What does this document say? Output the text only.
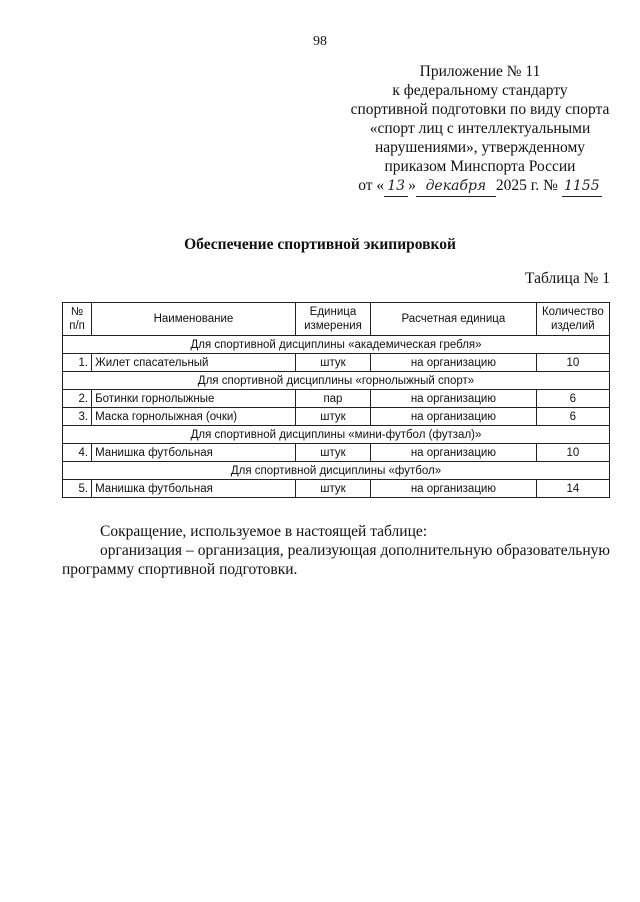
98
Приложение № 11
к федеральному стандарту
спортивной подготовки по виду спорта
«спорт лиц с интеллектуальными
нарушениями», утвержденному
приказом Минспорта России
от « 13 » декабря 2025 г. № 1155
Обеспечение спортивной экипировкой
Таблица № 1
№ п/п	Наименование	Единица измерения	Расчетная единица	Количество изделий
Для спортивной дисциплины «академическая гребля»				
1.	Жилет спасательный	штук	на организацию	10
Для спортивной дисциплины «горнолыжный спорт»				
2.	Ботинки горнолыжные	пар	на организацию	6
3.	Маска горнолыжная (очки)	штук	на организацию	6
Для спортивной дисциплины «мини-футбол (футзал)»				
4.	Манишка футбольная	штук	на организацию	10
Для спортивной дисциплины «футбол»				
5.	Манишка футбольная	штук	на организацию	14

Сокращение, используемое в настоящей таблице:

организация – организация, реализующая дополнительную образовательную программу спортивной подготовки.
